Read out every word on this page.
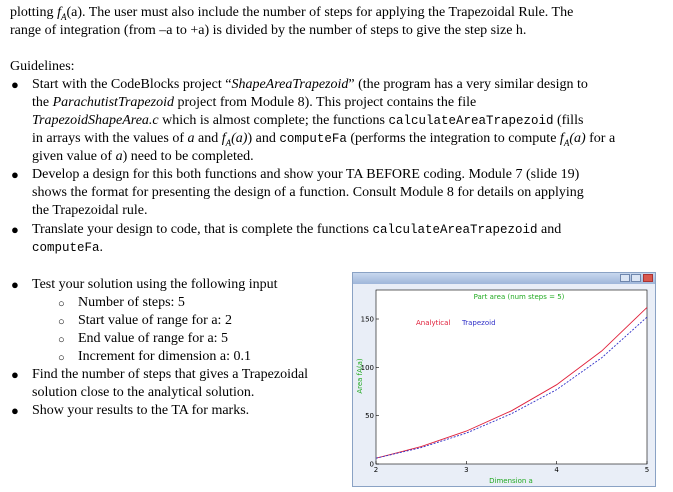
plotting $f_A(a)$. The user must also include the number of steps for applying the Trapezoidal Rule. The
range of integration (from –a to +a) is divided by the number of steps to give the step size h.
Guidelines:
● Start with the CodeBlocks project “ShapeAreaTrapezoid” (the program has a very similar design to
the ParachutistTrapezoid project from Module 8). This project contains the file
TrapezoidShapeArea.c which is almost complete; the functions calculateAreaTrapezoid (fills
in arrays with the values of a and $f_A(a)$) and computeFa (performs the integration to compute $f_A(a)$ for a
given value of a) need to be completed.
● Develop a design for this both functions and show your TA BEFORE coding. Module 7 (slide 19)
shows the format for presenting the design of a function. Consult Module 8 for details on applying
the Trapezoidal rule.
● Translate your design to code, that is complete the functions calculateAreaTrapezoid and
computeFa.
● Test your solution using the following input
○ Number of steps: 5
○ Start value of range for a: 2
○ End value of range for a: 5
○ Increment for dimension a: 0.1
● Find the number of steps that gives a Trapezoidal
solution close to the analytical solution.
● Show your results to the TA for marks.
Part area (num steps = 5)
Analytical Trapezoid
Dimension a
Area fA(a)
2	3	4	5
0
50
100
150
